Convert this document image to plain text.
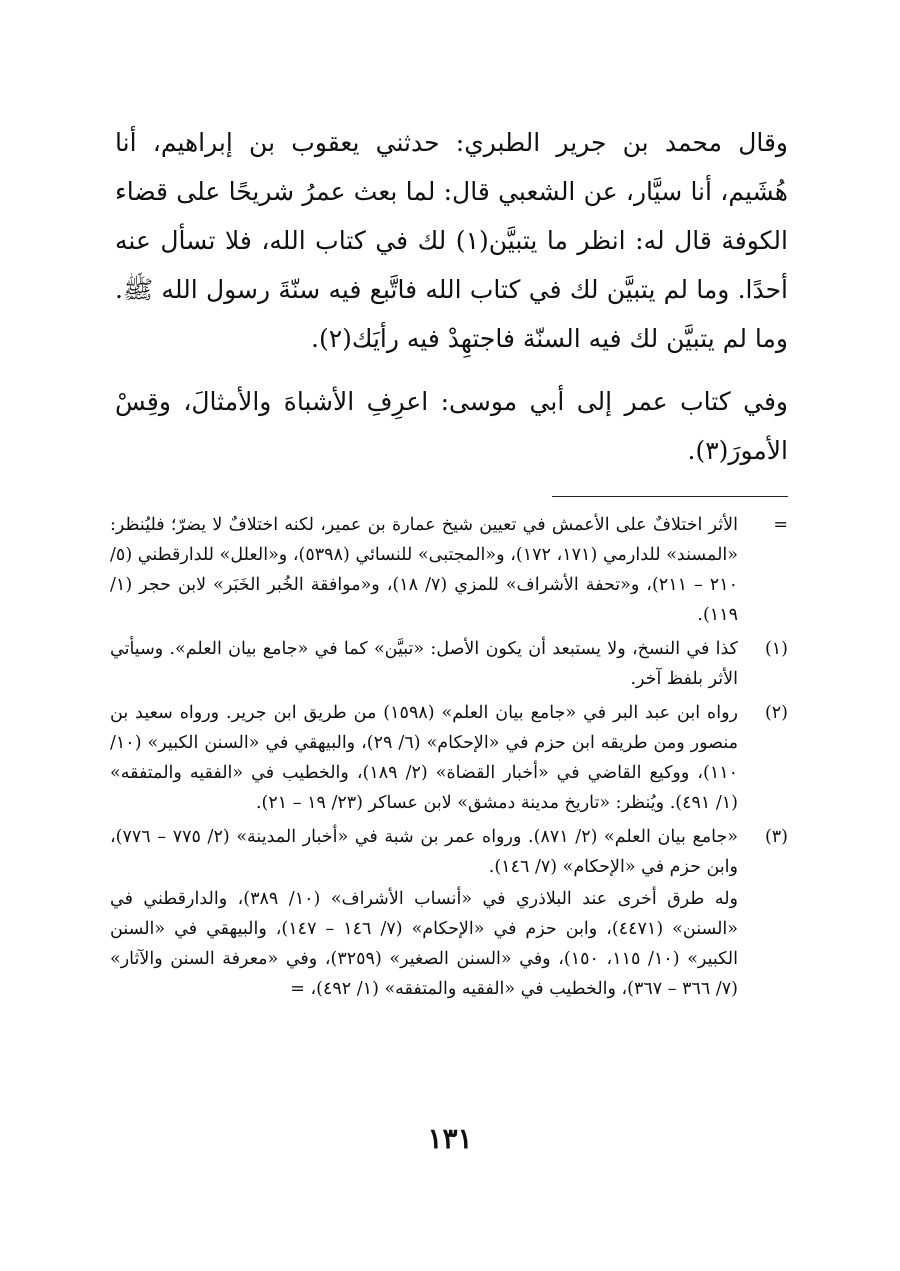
وقال محمد بن جرير الطبري: حدثني يعقوب بن إبراهيم، أنا هُشَيم، أنا سيَّار، عن الشعبي قال: لما بعث عمرُ شريحًا على قضاء الكوفة قال له: انظر ما يتبيَّن(١) لك في كتاب الله، فلا تسأل عنه أحدًا. وما لم يتبيَّن لك في كتاب الله فاتَّبع فيه سنّةَ رسول الله ﷺ. وما لم يتبيَّن لك فيه السنّة فاجتهِدْ فيه رأيَك(٢).

وفي كتاب عمر إلى أبي موسى: اعرِفِ الأشباهَ والأمثالَ، وقِسْ الأمورَ(٣).

=

الأثر اختلافٌ على الأعمش في تعيين شيخ عمارة بن عمير، لكنه اختلافٌ لا يضرّ؛ فليُنظر: «المسند» للدارمي (١٧١، ١٧٢)، و«المجتبى» للنسائي (٥٣٩٨)، و«العلل» للدارقطني (٥/ ٢١٠ – ٢١١)، و«تحفة الأشراف» للمزي (٧/ ١٨)، و«موافقة الخُبر الخَبَر» لابن حجر (١/ ١١٩).

(١)

كذا في النسخ، ولا يستبعد أن يكون الأصل: «تبيَّن» كما في «جامع بيان العلم». وسيأتي الأثر بلفظ آخر.

(٢)

رواه ابن عبد البر في «جامع بيان العلم» (١٥٩٨) من طريق ابن جرير. ورواه سعيد بن منصور ومن طريقه ابن حزم في «الإحكام» (٦/ ٢٩)، والبيهقي في «السنن الكبير» (١٠/ ١١٠)، ووكيع القاضي في «أخبار القضاة» (٢/ ١٨٩)، والخطيب في «الفقيه والمتفقه» (١/ ٤٩١). ويُنظر: «تاريخ مدينة دمشق» لابن عساكر (٢٣/ ١٩ – ٢١).

(٣)

«جامع بيان العلم» (٢/ ٨٧١). ورواه عمر بن شبة في «أخبار المدينة» (٢/ ٧٧٥ – ٧٧٦)، وابن حزم في «الإحكام» (٧/ ١٤٦).

وله طرق أخرى عند البلاذري في «أنساب الأشراف» (١٠/ ٣٨٩)، والدارقطني في «السنن» (٤٤٧١)، وابن حزم في «الإحكام» (٧/ ١٤٦ – ١٤٧)، والبيهقي في «السنن الكبير» (١٠/ ١١٥، ١٥٠)، وفي «السنن الصغير» (٣٢٥٩)، وفي «معرفة السنن والآثار» (٧/ ٣٦٦ – ٣٦٧)، والخطيب في «الفقيه والمتفقه» (١/ ٤٩٢)، =

١٣١
